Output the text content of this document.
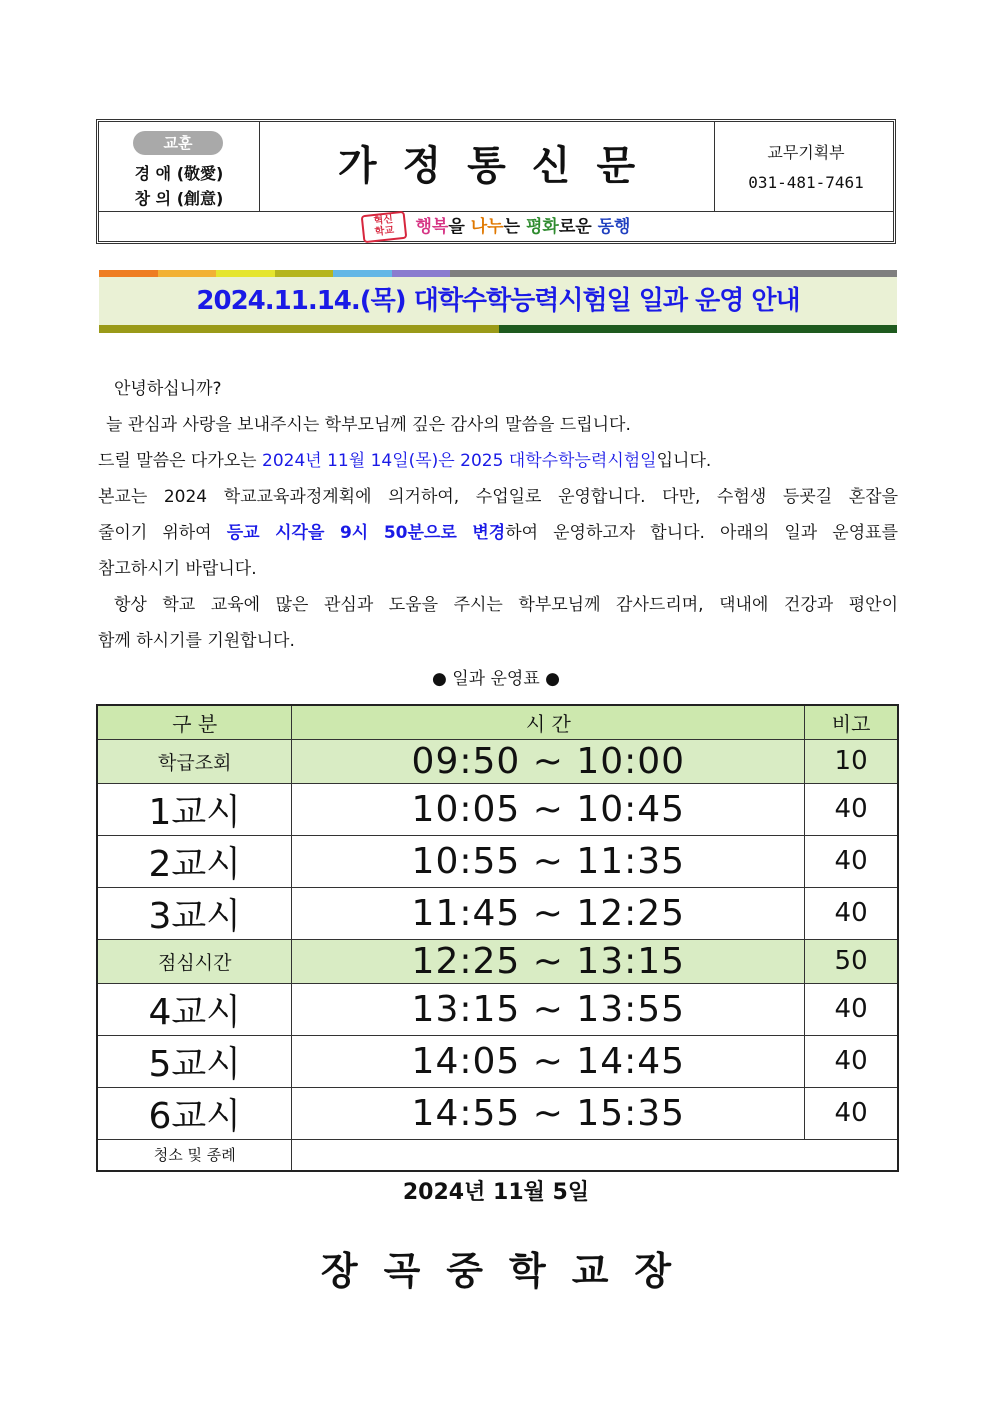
교훈
경 애 (敬愛)
창 의 (創意)
가정통신문	교무기획부
031-481-7461
혁신
학교 행복을 나누는 평화로운 동행
2024.11.14.(목) 대학수학능력시험일 일과 운영 안내
안녕하십니까?
늘 관심과 사랑을 보내주시는 학부모님께 깊은 감사의 말씀을 드립니다.
드릴 말씀은 다가오는 2024년 11월 14일(목)은 2025 대학수학능력시험일입니다.
본교는 2024 학교교육과정계획에 의거하여, 수업일로 운영합니다. 다만, 수험생 등굣길 혼잡을
줄이기 위하여 등교 시각을 9시 50분으로 변경하여 운영하고자 합니다. 아래의 일과 운영표를
참고하시기 바랍니다.
항상 학교 교육에 많은 관심과 도움을 주시는 학부모님께 감사드리며, 댁내에 건강과 평안이
함께 하시기를 기원합니다.
● 일과 운영표 ●
구 분	시 간	비고
학급조회	09:50 ~ 10:00	10
1교시	10:05 ~ 10:45	40
2교시	10:55 ~ 11:35	40
3교시	11:45 ~ 12:25	40
점심시간	12:25 ~ 13:15	50
4교시	13:15 ~ 13:55	40
5교시	14:05 ~ 14:45	40
6교시	14:55 ~ 15:35	40
청소 및 종례		
2024년 11월 5일
장곡중학교장
